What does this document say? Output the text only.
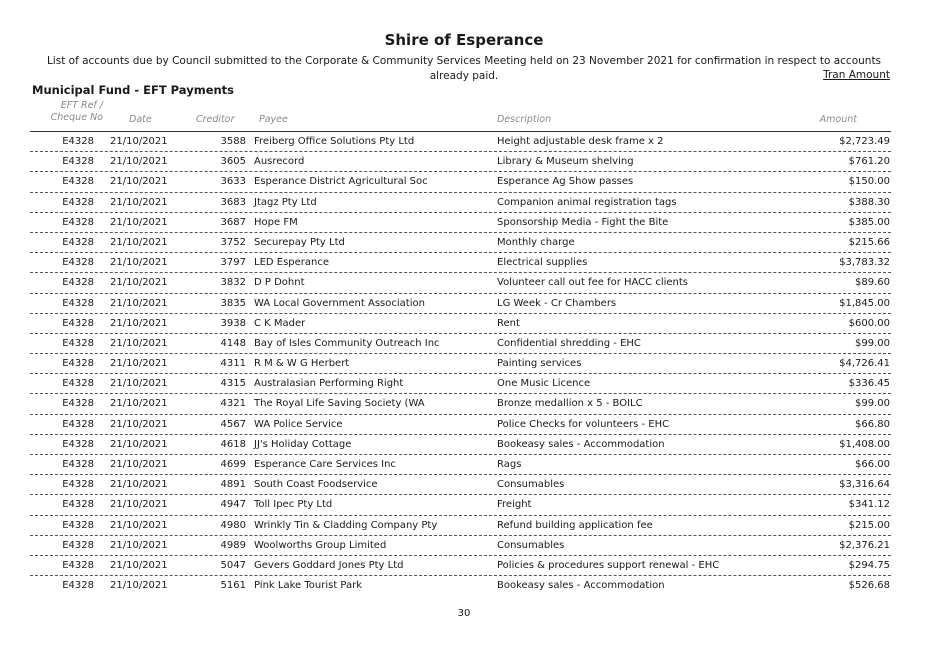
Shire of Esperance
List of accounts due by Council submitted to the Corporate & Community Services Meeting held on 23 November 2021 for confirmation in respect to accounts already paid.	Tran Amount
Municipal Fund - EFT Payments
EFT Ref / Cheque No	Date	Creditor	Payee	Description	Amount
E4328 21/10/2021	3588 Freiberg Office Solutions Pty Ltd	Height adjustable desk frame x 2	$2,723.49
E4328 21/10/2021	3605 Ausrecord	Library & Museum shelving	$761.20
E4328 21/10/2021	3633 Esperance District Agricultural Soc	Esperance Ag Show passes	$150.00
E4328 21/10/2021	3683 Jtagz Pty Ltd	Companion animal registration tags	$388.30
E4328 21/10/2021	3687 Hope FM	Sponsorship Media - Fight the Bite	$385.00
E4328 21/10/2021	3752 Securepay Pty Ltd	Monthly charge	$215.66
E4328 21/10/2021	3797 LED Esperance	Electrical supplies	$3,783.32
E4328 21/10/2021	3832 D P Dohnt	Volunteer call out fee for HACC clients	$89.60
E4328 21/10/2021	3835 WA Local Government Association	LG Week - Cr Chambers	$1,845.00
E4328 21/10/2021	3938 C K Mader	Rent	$600.00
E4328 21/10/2021	4148 Bay of Isles Community Outreach Inc	Confidential shredding - EHC	$99.00
E4328 21/10/2021	4311 R M & W G Herbert	Painting services	$4,726.41
E4328 21/10/2021	4315 Australasian Performing Right	One Music Licence	$336.45
E4328 21/10/2021	4321 The Royal Life Saving Society (WA	Bronze medallion x 5 - BOILC	$99.00
E4328 21/10/2021	4567 WA Police Service	Police Checks for volunteers - EHC	$66.80
E4328 21/10/2021	4618 JJ's Holiday Cottage	Bookeasy sales - Accommodation	$1,408.00
E4328 21/10/2021	4699 Esperance Care Services Inc	Rags	$66.00
E4328 21/10/2021	4891 South Coast Foodservice	Consumables	$3,316.64
E4328 21/10/2021	4947 Toll Ipec Pty Ltd	Freight	$341.12
E4328 21/10/2021	4980 Wrinkly Tin & Cladding Company Pty	Refund building application fee	$215.00
E4328 21/10/2021	4989 Woolworths Group Limited	Consumables	$2,376.21
E4328 21/10/2021	5047 Gevers Goddard Jones Pty Ltd	Policies & procedures support renewal - EHC	$294.75
E4328 21/10/2021	5161 Pink Lake Tourist Park	Bookeasy sales - Accommodation	$526.68
30
